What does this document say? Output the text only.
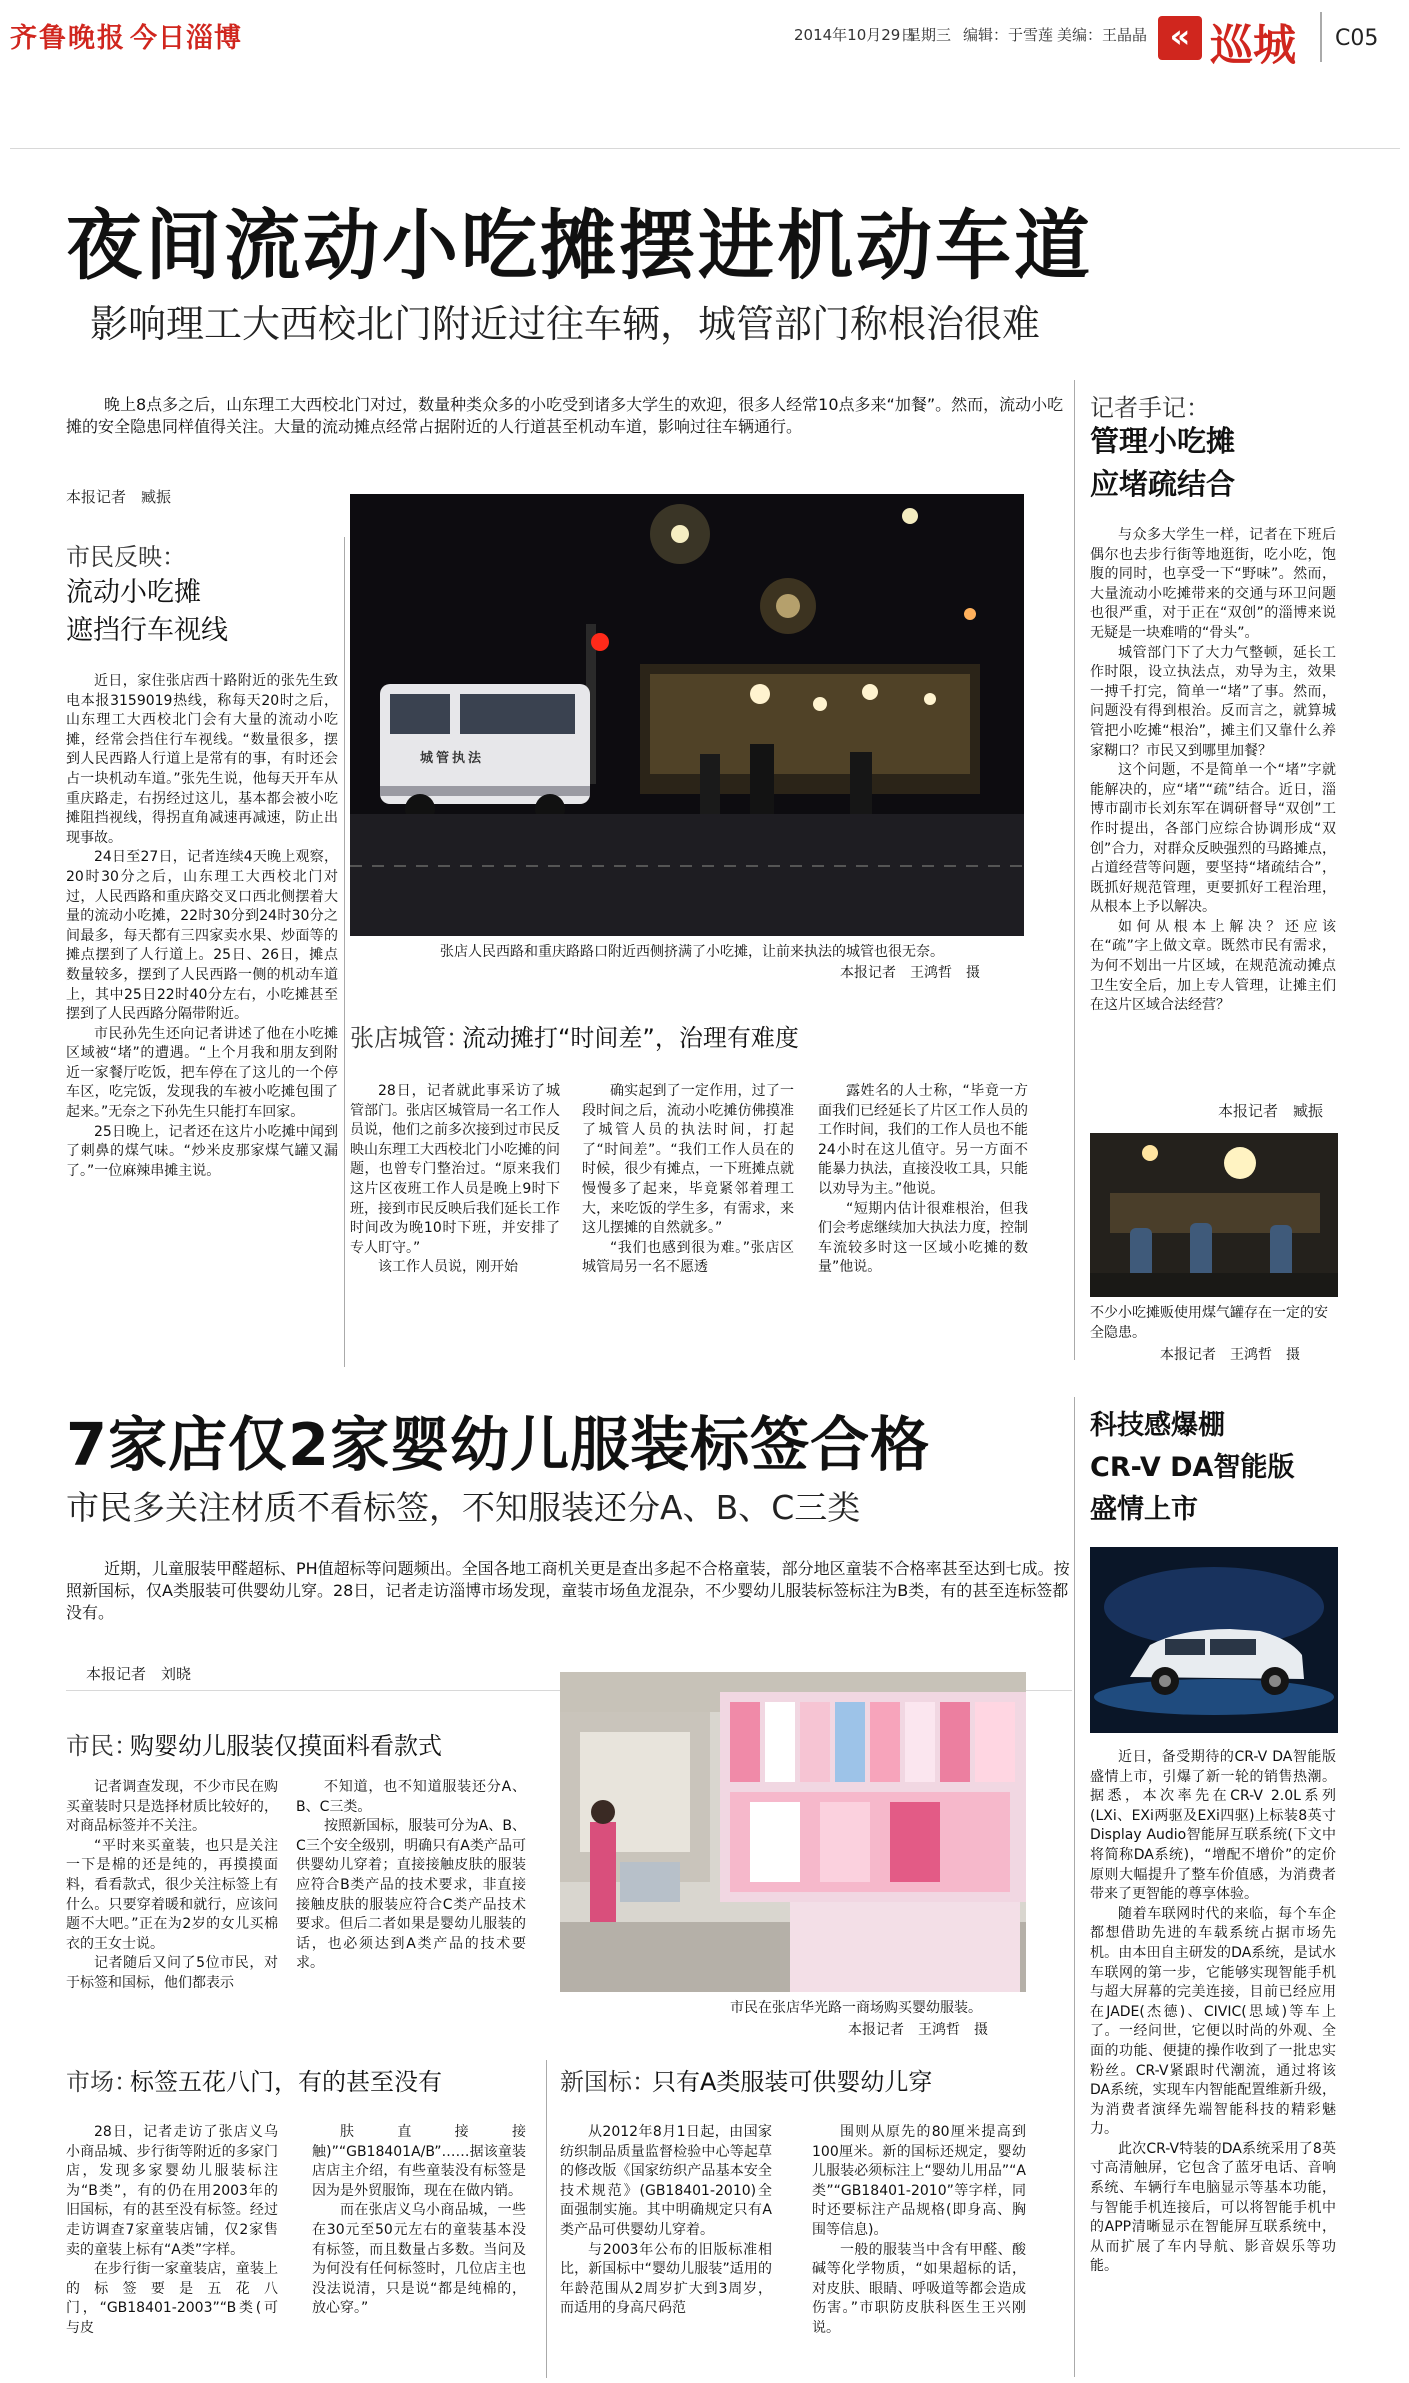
齐鲁晚报 今日淄博	2014年10月29日
星期三 编辑：于雪莲 美编：王晶晶 « 巡城 C05
夜间流动小吃摊摆进机动车道
影响理工大西校北门附近过往车辆，城管部门称根治很难
晚上8点多之后，山东理工大西校北门对过，数量种类众多的小吃受到诸多大学生的欢迎，很多人经常10点多来“加餐”。然而，流动小吃摊的安全隐患同样值得关注。大量的流动摊点经常占据附近的人行道甚至机动车道，影响过往车辆通行。
本报记者　臧振
市民反映：
流动小吃摊
遮挡行车视线
近日，家住张店西十路附近的张先生致电本报3159019热线，称每天20时之后，山东理工大西校北门会有大量的流动小吃摊，经常会挡住行车视线。“数量很多，摆到人民西路人行道上是常有的事，有时还会占一块机动车道。”张先生说，他每天开车从重庆路走，右拐经过这儿，基本都会被小吃摊阻挡视线，得拐直角减速再减速，防止出现事故。
24日至27日，记者连续4天晚上观察，20时30分之后，山东理工大西校北门对过，人民西路和重庆路交叉口西北侧摆着大量的流动小吃摊，22时30分到24时30分之间最多，每天都有三四家卖水果、炒面等的摊点摆到了人行道上。25日、26日，摊点数量较多，摆到了人民西路一侧的机动车道上，其中25日22时40分左右，小吃摊甚至摆到了人民西路分隔带附近。
市民孙先生还向记者讲述了他在小吃摊区域被“堵”的遭遇。“上个月我和朋友到附近一家餐厅吃饭，把车停在了这儿的一个停车区，吃完饭，发现我的车被小吃摊包围了起来。”无奈之下孙先生只能打车回家。
25日晚上，记者还在这片小吃摊中闻到了刺鼻的煤气味。“炒米皮那家煤气罐又漏了。”一位麻辣串摊主说。
城管执法
张店人民西路和重庆路路口附近西侧挤满了小吃摊，让前来执法的城管也很无奈。
本报记者　王鸿哲　摄
张店城管：
流动摊打“时间差”，治理有难度
28日，记者就此事采访了城管部门。张店区城管局一名工作人员说，他们之前多次接到过市民反映山东理工大西校北门小吃摊的问题，也曾专门整治过。“原来我们这片区夜班工作人员是晚上9时下班，接到市民反映后我们延长工作时间改为晚10时下班，并安排了专人盯守。”
该工作人员说，刚开始
确实起到了一定作用，过了一段时间之后，流动小吃摊仿佛摸准了城管人员的执法时间，打起了“时间差”。“我们工作人员在的时候，很少有摊点，一下班摊点就慢慢多了起来，毕竟紧邻着理工大，来吃饭的学生多，有需求，来这儿摆摊的自然就多。”
“我们也感到很为难。”张店区城管局另一名不愿透
露姓名的人士称，“毕竟一方面我们已经延长了片区工作人员的工作时间，我们的工作人员也不能24小时在这儿值守。另一方面不能暴力执法，直接没收工具，只能以劝导为主。”他说。
“短期内估计很难根治，但我们会考虑继续加大执法力度，控制车流较多时这一区域小吃摊的数量”他说。
记者手记：
管理小吃摊
应堵疏结合
与众多大学生一样，记者在下班后偶尔也去步行街等地逛街，吃小吃，饱腹的同时，也享受一下“野味”。然而，大量流动小吃摊带来的交通与环卫问题也很严重，对于正在“双创”的淄博来说无疑是一块难啃的“骨头”。
城管部门下了大力气整顿，延长工作时限，设立执法点，劝导为主，效果一搏千打完，简单一“堵”了事。然而，问题没有得到根治。反而言之，就算城管把小吃摊“根治”，摊主们又靠什么养家糊口？市民又到哪里加餐？
这个问题，不是简单一个“堵”字就能解决的，应“堵”“疏”结合。近日，淄博市副市长刘东军在调研督导“双创”工作时提出，各部门应综合协调形成“双创”合力，对群众反映强烈的马路摊点，占道经营等问题，要坚持“堵疏结合”，既抓好规范管理，更要抓好工程治理，从根本上予以解决。
如何从根本上解决？还应该在“疏”字上做文章。既然市民有需求，为何不划出一片区域，在规范流动摊点卫生安全后，加上专人管理，让摊主们在这片区域合法经营？
本报记者　臧振
不少小吃摊贩使用煤气罐存在一定的安全隐患。
本报记者　王鸿哲　摄
7家店仅2家婴幼儿服装标签合格
市民多关注材质不看标签，不知服装还分A、B、C三类
近期，儿童服装甲醛超标、PH值超标等问题频出。全国各地工商机关更是查出多起不合格童装，部分地区童装不合格率甚至达到七成。按照新国标，仅A类服装可供婴幼儿穿。28日，记者走访淄博市场发现，童装市场鱼龙混杂，不少婴幼儿服装标签标注为B类，有的甚至连标签都没有。
本报记者　刘晓
市民：
购婴幼儿服装仅摸面料看款式
记者调查发现，不少市民在购买童装时只是选择材质比较好的，对商品标签并不关注。
“平时来买童装，也只是关注一下是棉的还是纯的，再摸摸面料，看看款式，很少关注标签上有什么。只要穿着暖和就行，应该问题不大吧。”正在为2岁的女儿买棉衣的王女士说。
记者随后又问了5位市民，对于标签和国标，他们都表示
不知道，也不知道服装还分A、B、C三类。
按照新国标，服装可分为A、B、C三个安全级别，明确只有A类产品可供婴幼儿穿着；直接接触皮肤的服装应符合B类产品的技术要求，非直接接触皮肤的服装应符合C类产品技术要求。但后二者如果是婴幼儿服装的话，也必须达到A类产品的技术要求。
市民在张店华光路一商场购买婴幼服装。
本报记者　王鸿哲　摄
市场：
标签五花八门，有的甚至没有
28日，记者走访了张店义乌小商品城、步行街等附近的多家门店，发现多家婴幼儿服装标注为“B类”，有的仍在用2003年的旧国标，有的甚至没有标签。经过走访调查7家童装店铺，仅2家售卖的童装上标有“A类”字样。
在步行街一家童装店，童装上的标签要是五花八门，“GB18401-2003”“B类(可与皮
肤直接接触)”“GB18401A/B”……据该童装店店主介绍，有些童装没有标签是因为是外贸服饰，现在在做内销。
而在张店义乌小商品城，一些在30元至50元左右的童装基本没有标签，而且数量占多数。当问及为何没有任何标签时，几位店主也没法说清，只是说“都是纯棉的，放心穿。”
新国标：
只有A类服装可供婴幼儿穿
从2012年8月1日起，由国家纺织制品质量监督检验中心等起草的修改版《国家纺织产品基本安全技术规范》(GB18401-2010)全面强制实施。其中明确规定只有A类产品可供婴幼儿穿着。
与2003年公布的旧版标准相比，新国标中“婴幼儿服装”适用的年龄范围从2周岁扩大到3周岁，而适用的身高尺码范
围则从原先的80厘米提高到100厘米。新的国标还规定，婴幼儿服装必须标注上“婴幼儿用品”“A类”“GB18401-2010”等字样，同时还要标注产品规格(即身高、胸围等信息)。
一般的服装当中含有甲醛、酸碱等化学物质，“如果超标的话，对皮肤、眼睛、呼吸道等都会造成伤害。”市职防皮肤科医生王兴刚说。
科技感爆棚
CR-V DA智能版
盛情上市
近日，备受期待的CR-V DA智能版盛情上市，引爆了新一轮的销售热潮。据悉，本次率先在CR-V 2.0L系列(LXi、EXi两驱及EXi四驱)上标装8英寸Display Audio智能屏互联系统(下文中将简称DA系统)，“增配不增价”的定价原则大幅提升了整车价值感，为消费者带来了更智能的尊享体验。
随着车联网时代的来临，每个车企都想借助先进的车载系统占据市场先机。由本田自主研发的DA系统，是试水车联网的第一步，它能够实现智能手机与超大屏幕的完美连接，目前已经应用在JADE(杰德)、CIVIC(思域)等车上了。一经问世，它便以时尚的外观、全面的功能、便捷的操作收到了一批忠实粉丝。CR-V紧跟时代潮流，通过将该DA系统，实现车内智能配置维新升级，为消费者演绎先端智能科技的精彩魅力。
此次CR-V特装的DA系统采用了8英寸高清触屏，它包含了蓝牙电话、音响系统、车辆行车电脑显示等基本功能，与智能手机连接后，可以将智能手机中的APP清晰显示在智能屏互联系统中，从而扩展了车内导航、影音娱乐等功能。
